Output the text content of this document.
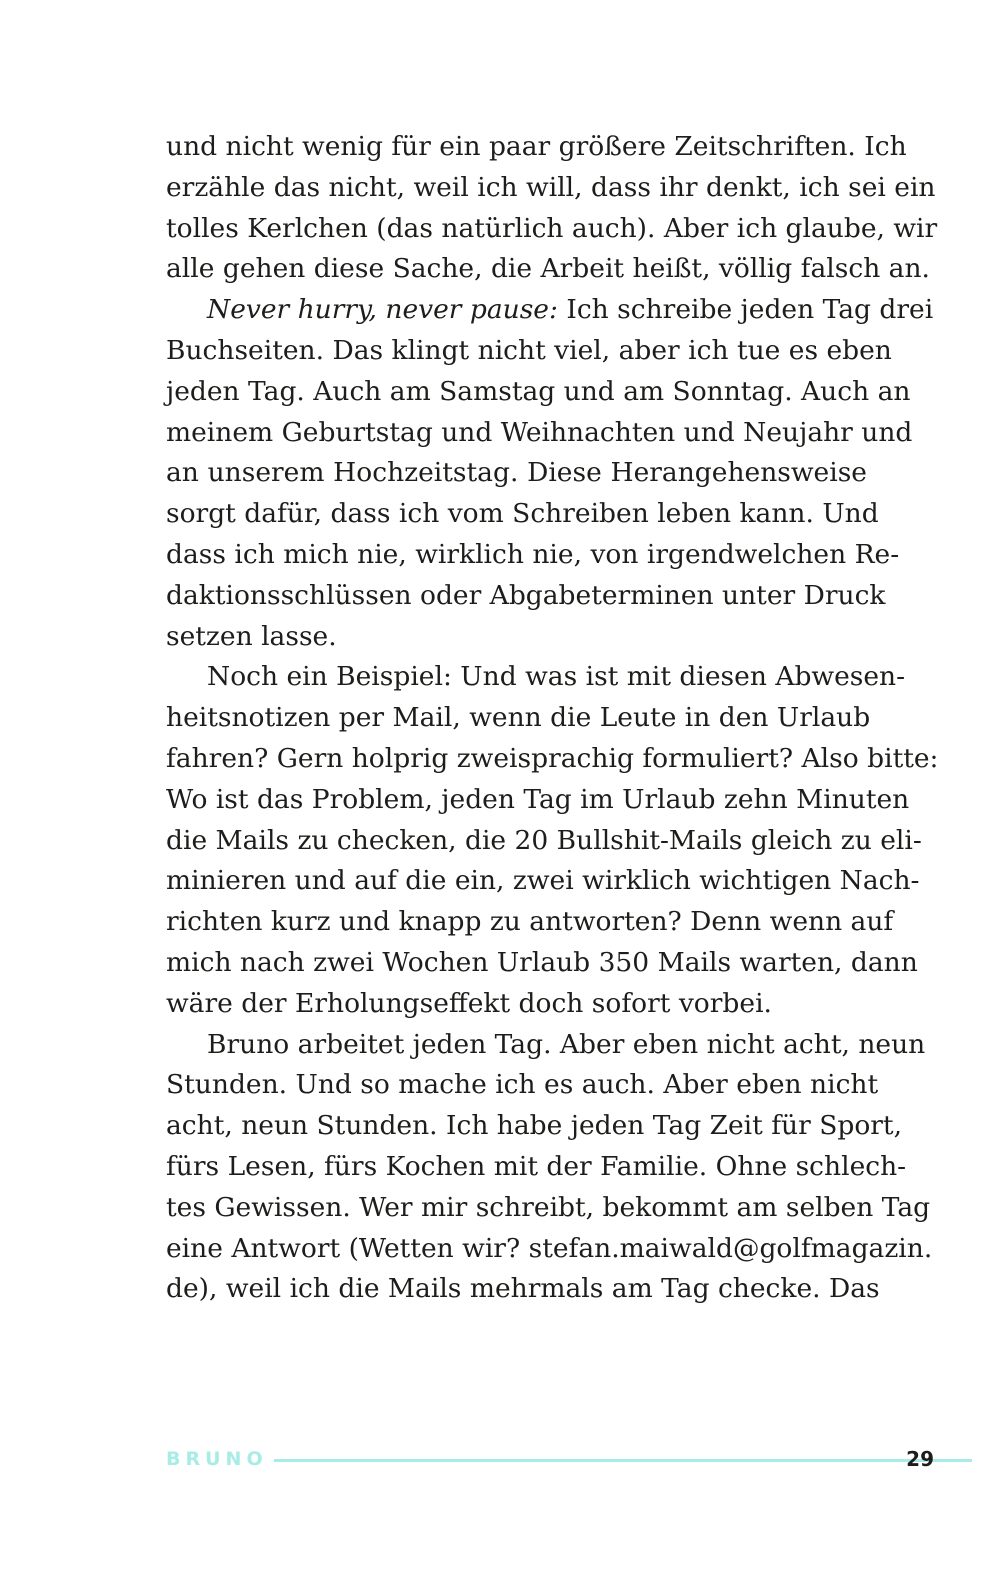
und nicht wenig für ein paar größere Zeitschriften. Ich
erzähle das nicht, weil ich will, dass ihr denkt, ich sei ein
tolles Kerlchen (das natürlich auch). Aber ich glaube, wir
alle gehen diese Sache, die Arbeit heißt, völlig falsch an.
Never hurry, never pause: Ich schreibe jeden Tag drei
Buchseiten. Das klingt nicht viel, aber ich tue es eben
jeden Tag. Auch am Samstag und am Sonntag. Auch an
meinem Geburtstag und Weihnachten und Neujahr und
an unserem Hochzeitstag. Diese Herangehensweise
sorgt dafür, dass ich vom Schreiben leben kann. Und
dass ich mich nie, wirklich nie, von irgendwelchen Re-
daktionsschlüssen oder Abgabeterminen unter Druck
setzen lasse.
Noch ein Beispiel: Und was ist mit diesen Abwesen-
heitsnotizen per Mail, wenn die Leute in den Urlaub
fahren? Gern holprig zweisprachig formuliert? Also bitte:
Wo ist das Problem, jeden Tag im Urlaub zehn Minuten
die Mails zu checken, die 20 Bullshit-Mails gleich zu eli-
minieren und auf die ein, zwei wirklich wichtigen Nach-
richten kurz und knapp zu antworten? Denn wenn auf
mich nach zwei Wochen Urlaub 350 Mails warten, dann
wäre der Erholungseffekt doch sofort vorbei.
Bruno arbeitet jeden Tag. Aber eben nicht acht, neun
Stunden. Und so mache ich es auch. Aber eben nicht
acht, neun Stunden. Ich habe jeden Tag Zeit für Sport,
fürs Lesen, fürs Kochen mit der Familie. Ohne schlech-
tes Gewissen. Wer mir schreibt, bekommt am selben Tag
eine Antwort (Wetten wir? stefan.maiwald@golfmagazin.
de), weil ich die Mails mehrmals am Tag checke. Das
BRUNO	29
